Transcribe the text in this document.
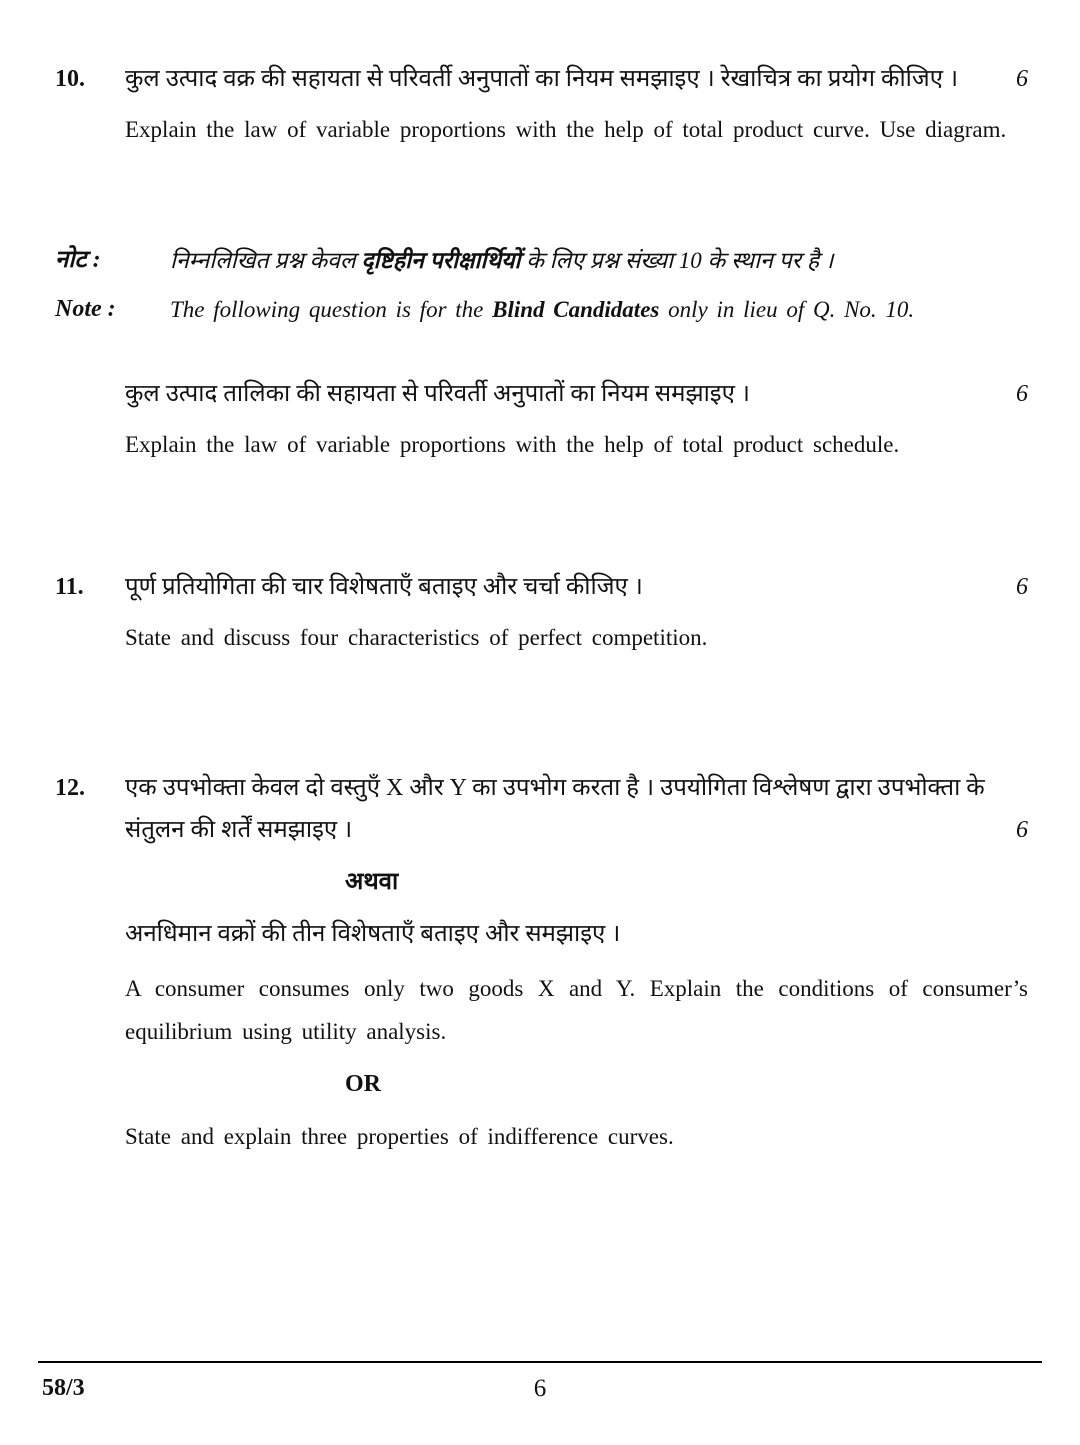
10.	कुल उत्पाद वक्र की सहायता से परिवर्ती अनुपातों का नियम समझाइए । रेखाचित्र का प्रयोग कीजिए । 6

Explain the law of variable proportions with the help of total product curve. Use diagram.

नोट :	निम्नलिखित प्रश्न केवल दृष्टिहीन परीक्षार्थियों के लिए प्रश्न संख्या 10 के स्थान पर है ।

Note :	The following question is for the Blind Candidates only in lieu of Q. No. 10.

कुल उत्पाद तालिका की सहायता से परिवर्ती अनुपातों का नियम समझाइए ।	6

Explain the law of variable proportions with the help of total product schedule.

11.	पूर्ण प्रतियोगिता की चार विशेषताएँ बताइए और चर्चा कीजिए ।	6

State and discuss four characteristics of perfect competition.

12.	एक उपभोक्ता केवल दो वस्तुएँ X और Y का उपभोग करता है । उपयोगिता विश्लेषण द्वारा उपभोक्ता के संतुलन की शर्तें समझाइए ।	6

अथवा

अनधिमान वक्रों की तीन विशेषताएँ बताइए और समझाइए ।

A consumer consumes only two goods X and Y. Explain the conditions of consumer’s equilibrium using utility analysis.

OR

State and explain three properties of indifference curves.

58/3	6
